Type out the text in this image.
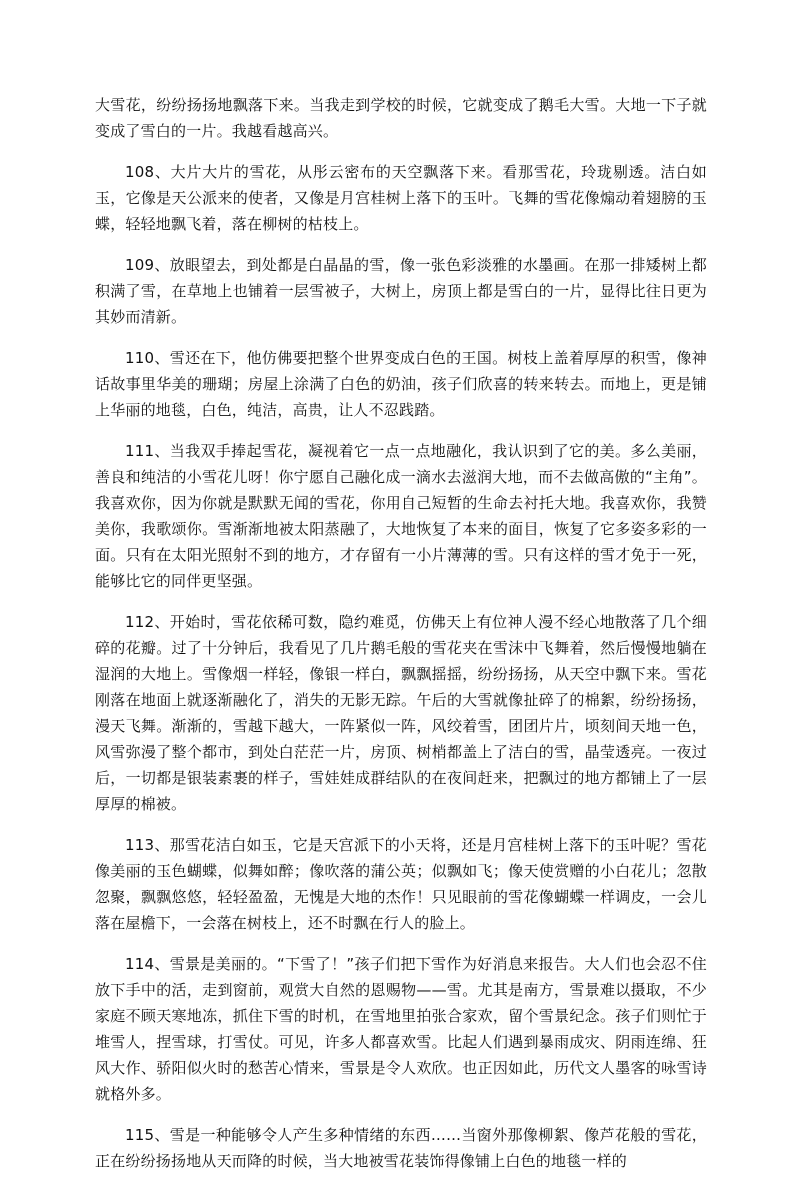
大雪花，纷纷扬扬地飘落下来。当我走到学校的时候，它就变成了鹅毛大雪。大地一下子就变成了雪白的一片。我越看越高兴。

108、大片大片的雪花，从彤云密布的天空飘落下来。看那雪花，玲珑剔透。洁白如玉，它像是天公派来的使者，又像是月宫桂树上落下的玉叶。飞舞的雪花像煽动着翅膀的玉蝶，轻轻地飘飞着，落在柳树的枯枝上。

109、放眼望去，到处都是白晶晶的雪，像一张色彩淡雅的水墨画。在那一排矮树上都积满了雪，在草地上也铺着一层雪被子，大树上，房顶上都是雪白的一片，显得比往日更为其妙而清新。

110、雪还在下，他仿佛要把整个世界变成白色的王国。树枝上盖着厚厚的积雪，像神话故事里华美的珊瑚；房屋上涂满了白色的奶油，孩子们欣喜的转来转去。而地上，更是铺上华丽的地毯，白色，纯洁，高贵，让人不忍践踏。

111、当我双手捧起雪花，凝视着它一点一点地融化，我认识到了它的美。多么美丽，善良和纯洁的小雪花儿呀！你宁愿自己融化成一滴水去滋润大地，而不去做高傲的“主角”。我喜欢你，因为你就是默默无闻的雪花，你用自己短暂的生命去衬托大地。我喜欢你，我赞美你，我歌颂你。雪渐渐地被太阳蒸融了，大地恢复了本来的面目，恢复了它多姿多彩的一面。只有在太阳光照射不到的地方，才存留有一小片薄薄的雪。只有这样的雪才免于一死，能够比它的同伴更坚强。

112、开始时，雪花依稀可数，隐约难觅，仿佛天上有位神人漫不经心地散落了几个细碎的花瓣。过了十分钟后，我看见了几片鹅毛般的雪花夹在雪沫中飞舞着，然后慢慢地躺在湿润的大地上。雪像烟一样轻，像银一样白，飘飘摇摇，纷纷扬扬，从天空中飘下来。雪花刚落在地面上就逐渐融化了，消失的无影无踪。午后的大雪就像扯碎了的棉絮，纷纷扬扬，漫天飞舞。渐渐的，雪越下越大，一阵紧似一阵，风绞着雪，团团片片，顷刻间天地一色，风雪弥漫了整个都市，到处白茫茫一片，房顶、树梢都盖上了洁白的雪，晶莹透亮。一夜过后，一切都是银装素裹的样子，雪娃娃成群结队的在夜间赶来，把飘过的地方都铺上了一层厚厚的棉被。

113、那雪花洁白如玉，它是天宫派下的小天将，还是月宫桂树上落下的玉叶呢？雪花像美丽的玉色蝴蝶，似舞如醉；像吹落的蒲公英；似飘如飞；像天使赏赠的小白花儿；忽散忽聚，飘飘悠悠，轻轻盈盈，无愧是大地的杰作！只见眼前的雪花像蝴蝶一样调皮，一会儿落在屋檐下，一会落在树枝上，还不时飘在行人的脸上。

114、雪景是美丽的。“下雪了！”孩子们把下雪作为好消息来报告。大人们也会忍不住放下手中的活，走到窗前，观赏大自然的恩赐物——雪。尤其是南方，雪景难以摄取，不少家庭不顾天寒地冻，抓住下雪的时机，在雪地里拍张合家欢，留个雪景纪念。孩子们则忙于堆雪人，捏雪球，打雪仗。可见，许多人都喜欢雪。比起人们遇到暴雨成灾、阴雨连绵、狂风大作、骄阳似火时的愁苦心情来，雪景是令人欢欣。也正因如此，历代文人墨客的咏雪诗就格外多。

115、雪是一种能够令人产生多种情绪的东西……当窗外那像柳絮、像芦花般的雪花，正在纷纷扬扬地从天而降的时候，当大地被雪花装饰得像铺上白色的地毯一样的
